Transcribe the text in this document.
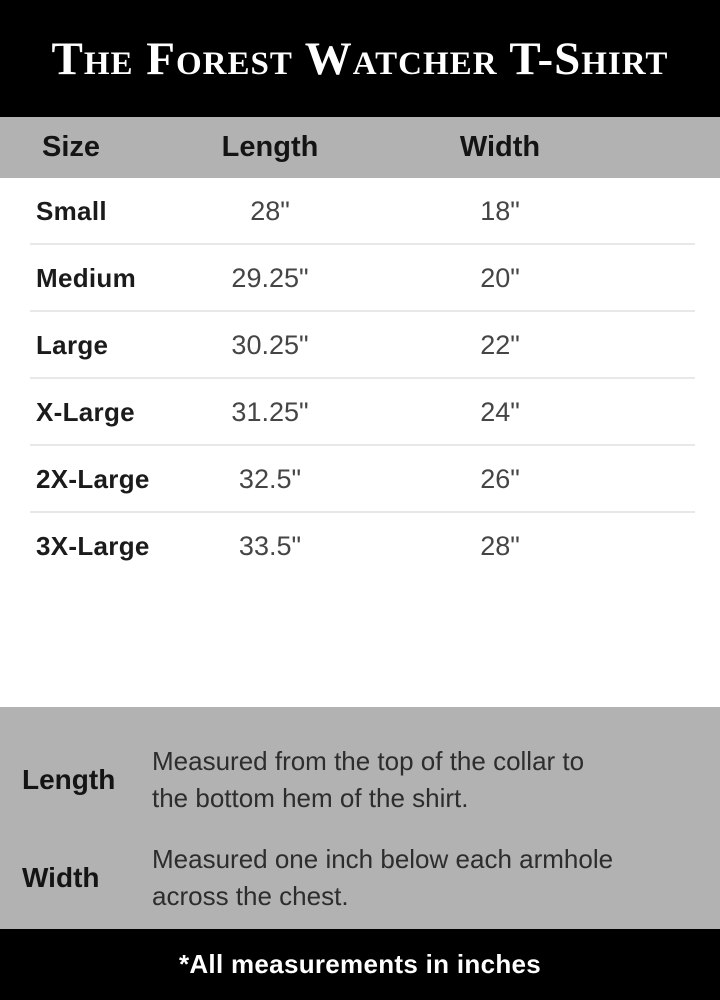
The Forest Watcher T-Shirt
Size	Length	Width
Small	28"	18"
Medium	29.25"	20"
Large	30.25"	22"
X-Large	31.25"	24"
2X-Large	32.5"	26"
3X-Large	33.5"	28"
Length
Measured from the top of the collar to
the bottom hem of the shirt.
Width
Measured one inch below each armhole
across the chest.
*All measurements in inches
